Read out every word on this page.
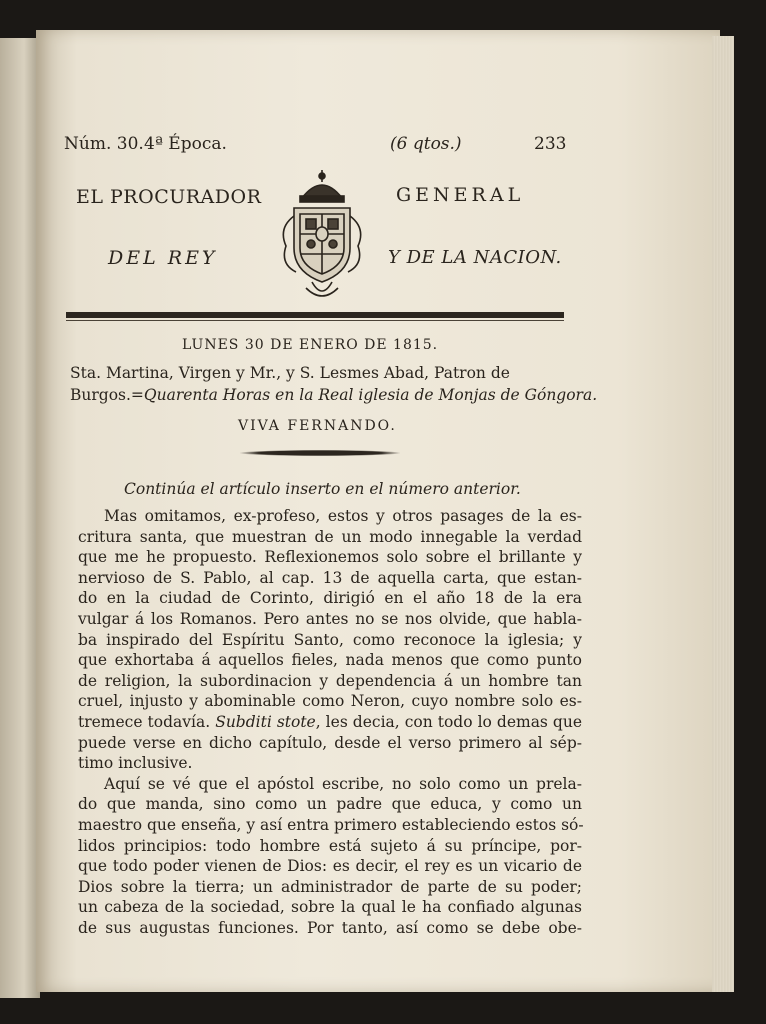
Núm. 30. 4ª Época.	(6 qtos.)	233
EL PROCURADOR	GENERAL
DEL REY	Y DE LA NACION.
LUNES 30 DE ENERO DE 1815.
Sta. Martina, Virgen y Mr., y S. Lesmes Abad, Patron de
Burgos.=Quarenta Horas en la Real iglesia de Monjas de Góngora.
VIVA FERNANDO.
Continúa el artículo inserto en el número anterior.
Mas omitamos, ex-profeso, estos y otros pasages de la es-
critura santa, que muestran de un modo innegable la verdad
que me he propuesto. Reflexionemos solo sobre el brillante y
nervioso de S. Pablo, al cap. 13 de aquella carta, que estan-
do en la ciudad de Corinto, dirigió en el año 18 de la era
vulgar á los Romanos. Pero antes no se nos olvide, que habla-
ba inspirado del Espíritu Santo, como reconoce la iglesia; y
que exhortaba á aquellos fieles, nada menos que como punto
de religion, la subordinacion y dependencia á un hombre tan
cruel, injusto y abominable como Neron, cuyo nombre solo es-
tremece todavía. Subditi stote, les decia, con todo lo demas que
puede verse en dicho capítulo, desde el verso primero al sép-
timo inclusive.
Aquí se vé que el apóstol escribe, no solo como un prela-
do que manda, sino como un padre que educa, y como un
maestro que enseña, y así entra primero estableciendo estos só-
lidos principios: todo hombre está sujeto á su príncipe, por-
que todo poder vienen de Dios: es decir, el rey es un vicario de
Dios sobre la tierra; un administrador de parte de su poder;
un cabeza de la sociedad, sobre la qual le ha confiado algunas
de sus augustas funciones. Por tanto, así como se debe obe-
